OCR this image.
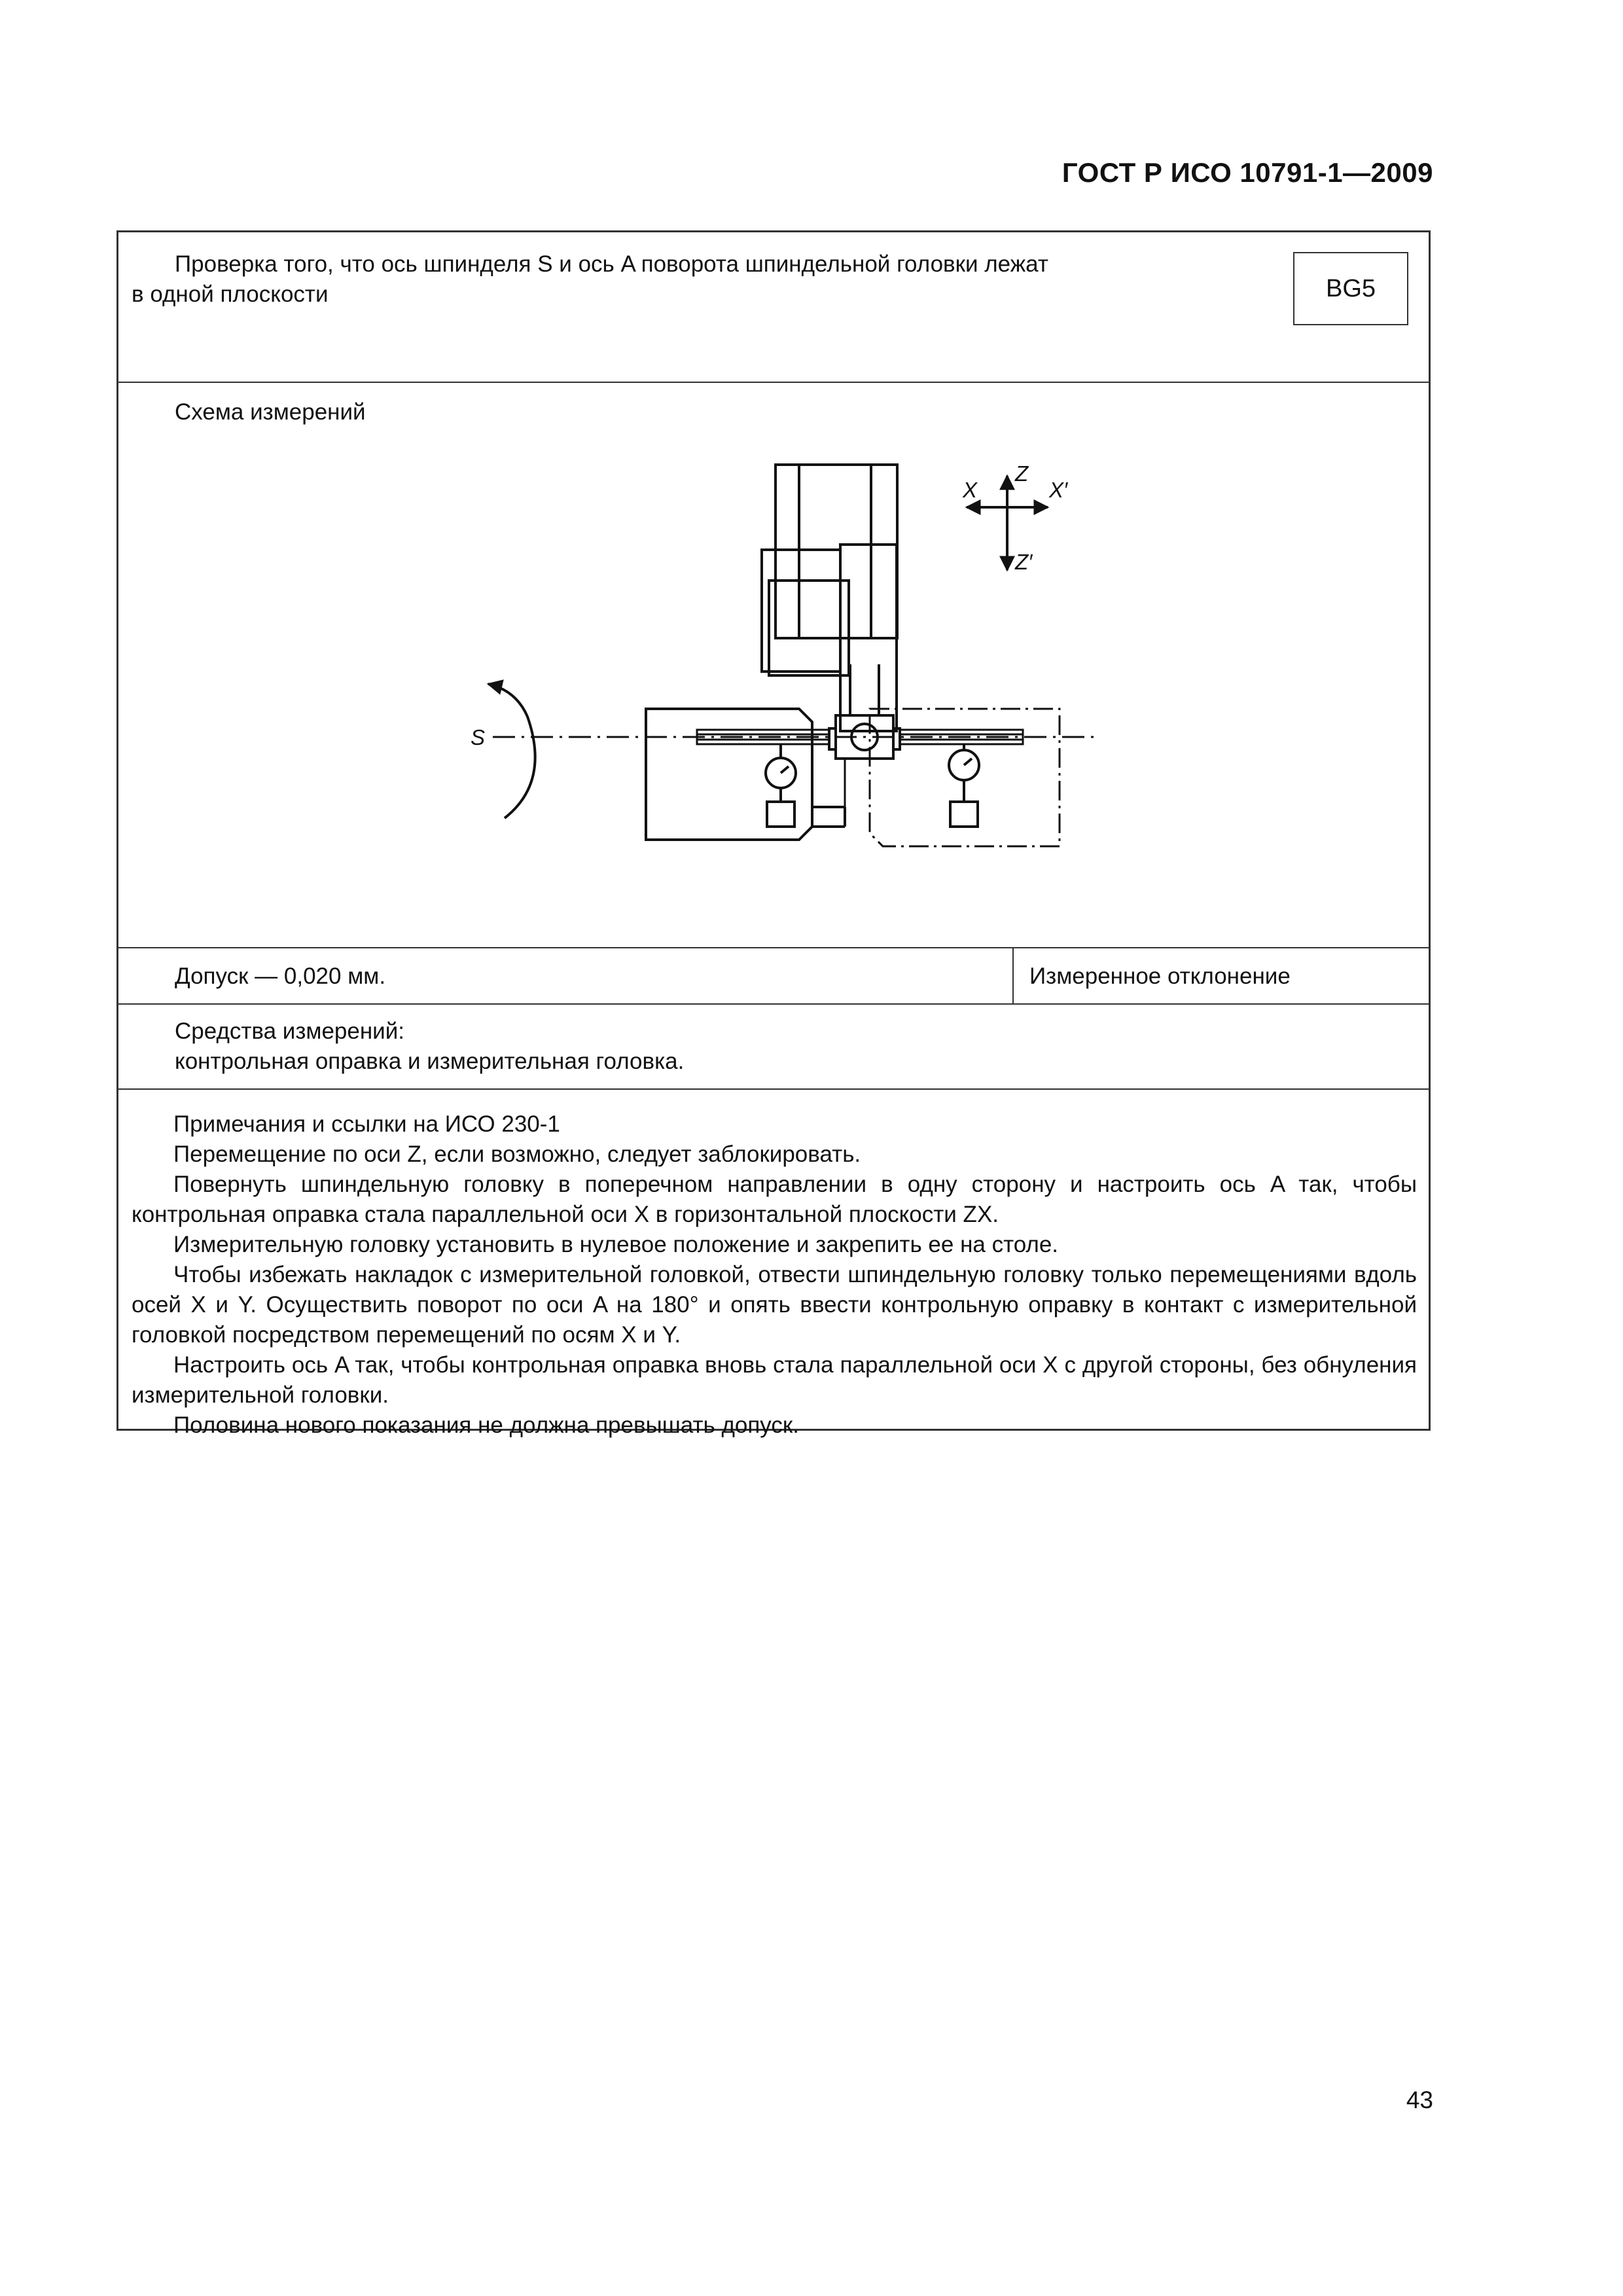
ГОСТ Р ИСО 10791-1—2009
Проверка того, что ось шпинделя S и ось A поворота шпиндельной головки лежат
в одной плоскости	BG5
Схема измерений
Z
Z′
X	X′
S
Допуск — 0,020 мм.	Измеренное отклонение
Средства измерений:
контрольная оправка и измерительная головка.
Примечания и ссылки на ИСО 230-1
Перемещение по оси Z, если возможно, следует заблокировать.
Повернуть шпиндельную головку в поперечном направлении в одну сторону и настроить ось A так, чтобы контрольная оправка стала параллельной оси X в горизонтальной плоскости ZX.
Измерительную головку установить в нулевое положение и закрепить ее на столе.
Чтобы избежать накладок с измерительной головкой, отвести шпиндельную головку только перемещениями вдоль осей X и Y. Осуществить поворот по оси A на 180° и опять ввести контрольную оправку в контакт с измерительной головкой посредством перемещений по осям X и Y.
Настроить ось A так, чтобы контрольная оправка вновь стала параллельной оси X с другой стороны, без обнуления измерительной головки.
Половина нового показания не должна превышать допуск.
43
